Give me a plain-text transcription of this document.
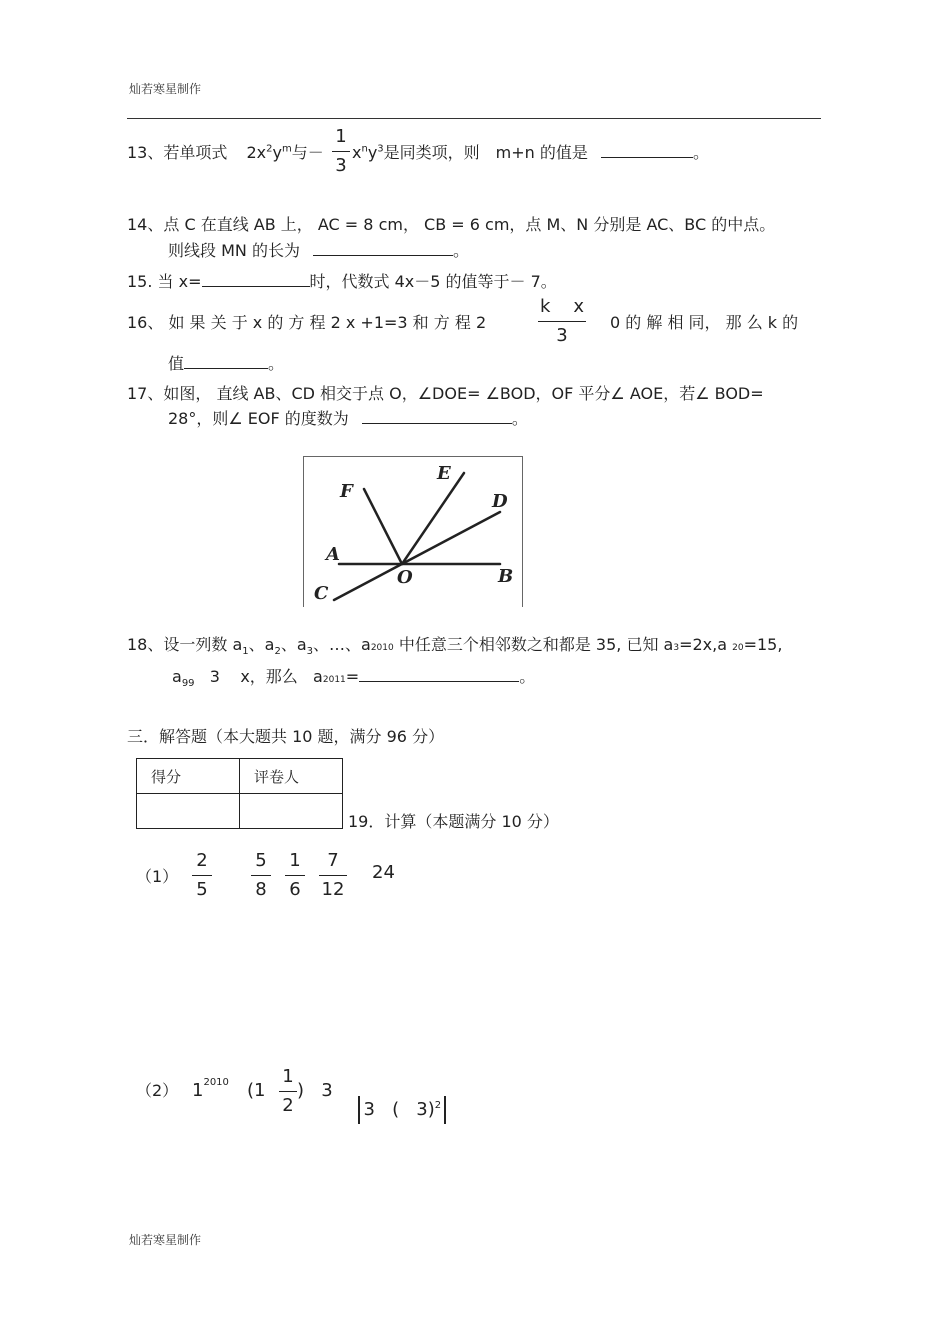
灿若寒星制作
13、若单项式 $2x^2y^m$与－
1
3
$x^ny^3$是同类项，则　m+n 的值是	。
14、点 C 在直线 AB 上， AC = 8 cm， CB = 6 cm，点 M、N 分别是 AC、BC 的中点。
则线段 MN 的长为	。
15. 当 x=	时，代数式 4x－5 的值等于－ 7。
16、 如 果 关 于 x 的 方 程 2 x +1=3 和 方 程 2
k    x
3
0 的 解 相 同， 那 么 k 的
值	。
17、如图， 直线 AB、CD 相交于点 O，∠DOE= ∠BOD，OF 平分∠ AOE，若∠ BOD=
28°，则∠ EOF 的度数为	。
F
E
D
A
O	B
C
18、设一列数 $a_1$、$a_2$、$a_3$、…、a2010 中任意三个相邻数之和都是 35, 已知 a3=2x,a 20=15,
$a_{99}$   3    x，那么   a2011=	。
三．解答题（本大题共 10 题，满分 96 分）
得分	评卷人

19．计算（本题满分 10 分）
（1）
2
5
5
8
1
6
7
12
24
（2） $1^{2010}$ (1
1
2
)   3

3   (   3)$^2$

灿若寒星制作
